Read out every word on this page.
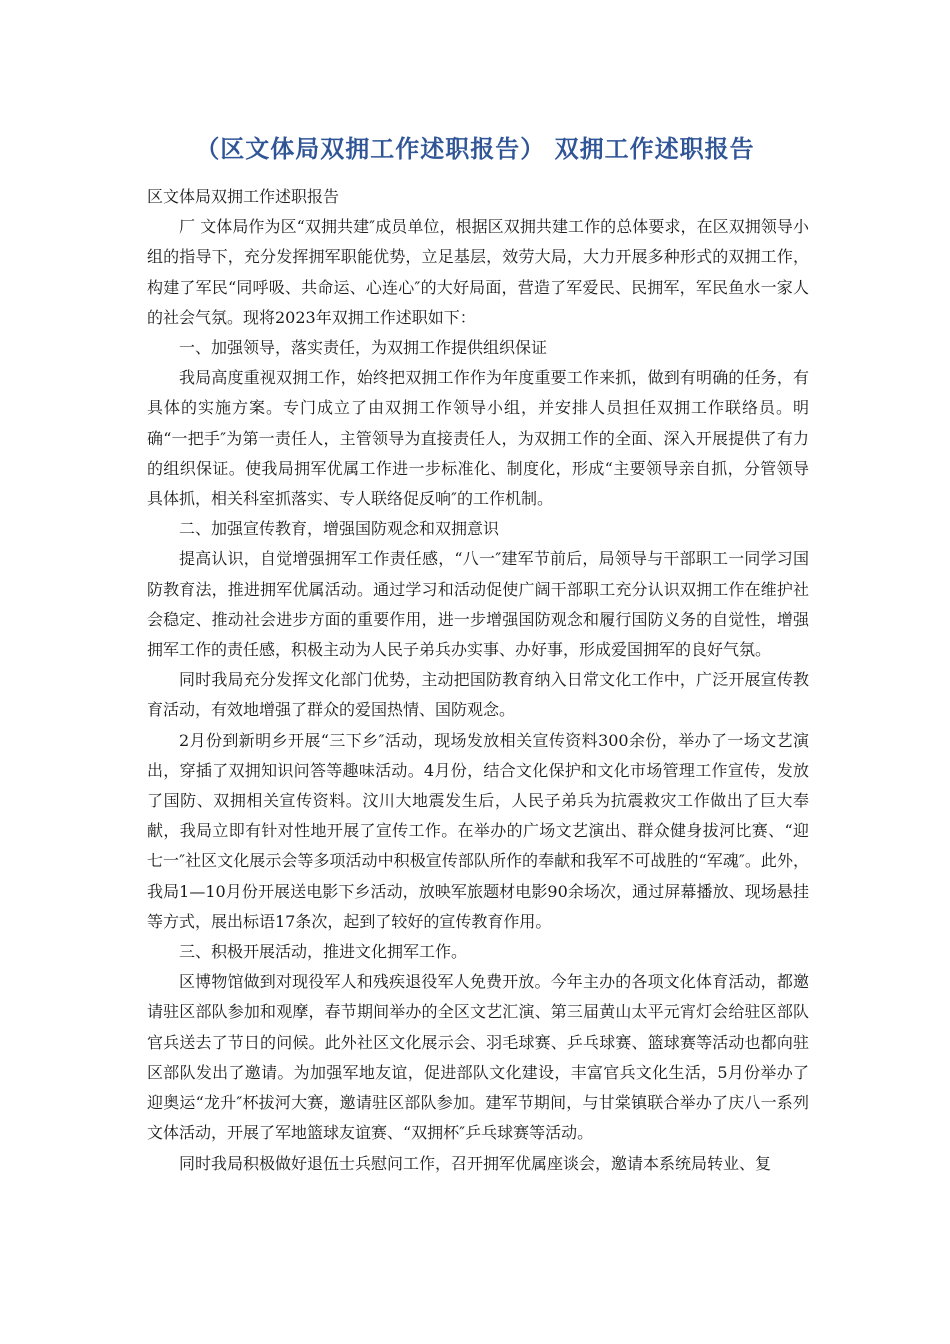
（区文体局双拥工作述职报告） 双拥工作述职报告

区文体局双拥工作述职报告

厂 文体局作为区“双拥共建″成员单位，根据区双拥共建工作的总体要求，在区双拥领导小组的指导下，充分发挥拥军职能优势，立足基层，效劳大局，大力开展多种形式的双拥工作，构建了军民“同呼吸、共命运、心连心″的大好局面，营造了军爱民、民拥军，军民鱼水一家人的社会气氛。现将2023年双拥工作述职如下：

一、加强领导，落实责任，为双拥工作提供组织保证

我局高度重视双拥工作，始终把双拥工作作为年度重要工作来抓，做到有明确的任务，有具体的实施方案。专门成立了由双拥工作领导小组，并安排人员担任双拥工作联络员。明确“一把手″为第一责任人，主管领导为直接责任人，为双拥工作的全面、深入开展提供了有力的组织保证。使我局拥军优属工作进一步标准化、制度化，形成“主要领导亲自抓，分管领导具体抓，相关科室抓落实、专人联络促反响″的工作机制。

二、加强宣传教育，增强国防观念和双拥意识

提高认识，自觉增强拥军工作责任感，“八一″建军节前后，局领导与干部职工一同学习国防教育法，推进拥军优属活动。通过学习和活动促使广阔干部职工充分认识双拥工作在维护社会稳定、推动社会进步方面的重要作用，进一步增强国防观念和履行国防义务的自觉性，增强拥军工作的责任感，积极主动为人民子弟兵办实事、办好事，形成爱国拥军的良好气氛。

同时我局充分发挥文化部门优势，主动把国防教育纳入日常文化工作中，广泛开展宣传教育活动，有效地增强了群众的爱国热情、国防观念。

2月份到新明乡开展“三下乡″活动，现场发放相关宣传资料300余份，举办了一场文艺演出，穿插了双拥知识问答等趣味活动。4月份，结合文化保护和文化市场管理工作宣传，发放了国防、双拥相关宣传资料。汶川大地震发生后，人民子弟兵为抗震救灾工作做出了巨大奉献，我局立即有针对性地开展了宣传工作。在举办的广场文艺演出、群众健身拔河比赛、“迎七一″社区文化展示会等多项活动中积极宣传部队所作的奉献和我军不可战胜的“军魂″。此外，我局1—10月份开展送电影下乡活动，放映军旅题材电影90余场次，通过屏幕播放、现场悬挂等方式，展出标语17条次，起到了较好的宣传教育作用。

三、积极开展活动，推进文化拥军工作。

区博物馆做到对现役军人和残疾退役军人免费开放。今年主办的各项文化体育活动，都邀请驻区部队参加和观摩，春节期间举办的全区文艺汇演、第三届黄山太平元宵灯会给驻区部队官兵送去了节日的问候。此外社区文化展示会、羽毛球赛、乒乓球赛、篮球赛等活动也都向驻区部队发出了邀请。为加强军地友谊，促进部队文化建设，丰富官兵文化生活，5月份举办了迎奥运“龙升″杯拔河大赛，邀请驻区部队参加。建军节期间，与甘棠镇联合举办了庆八一系列文体活动，开展了军地篮球友谊赛、“双拥杯″乒乓球赛等活动。

同时我局积极做好退伍士兵慰问工作，召开拥军优属座谈会，邀请本系统局转业、复
